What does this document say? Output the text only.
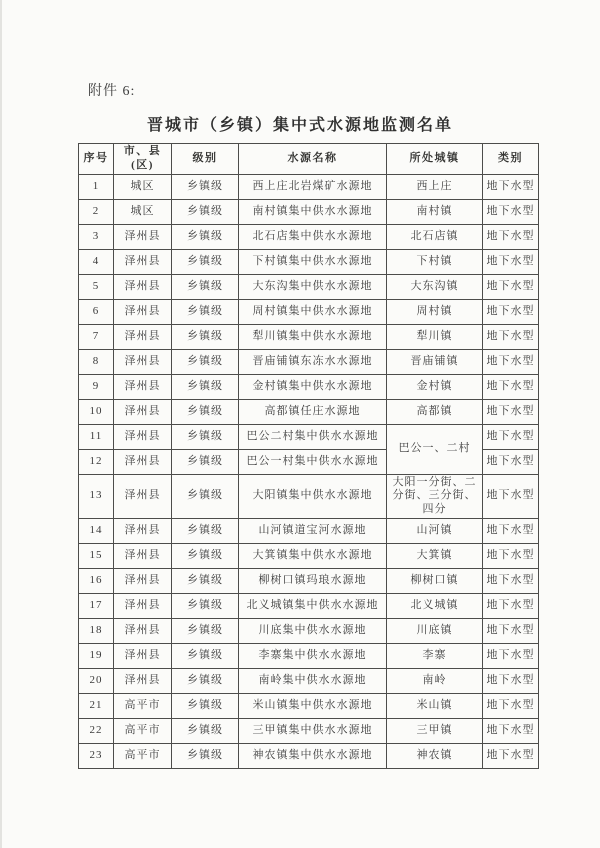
附件 6:
晋城市（乡镇）集中式水源地监测名单
序号	市、县(区)	级别	水源名称	所处城镇	类别
1	城区	乡镇级	西上庄北岩煤矿水源地	西上庄	地下水型
2	城区	乡镇级	南村镇集中供水水源地	南村镇	地下水型
3	泽州县	乡镇级	北石店集中供水水源地	北石店镇	地下水型
4	泽州县	乡镇级	下村镇集中供水水源地	下村镇	地下水型
5	泽州县	乡镇级	大东沟集中供水水源地	大东沟镇	地下水型
6	泽州县	乡镇级	周村镇集中供水水源地	周村镇	地下水型
7	泽州县	乡镇级	犁川镇集中供水水源地	犁川镇	地下水型
8	泽州县	乡镇级	晋庙铺镇东冻水水源地	晋庙铺镇	地下水型
9	泽州县	乡镇级	金村镇集中供水水源地	金村镇	地下水型
10	泽州县	乡镇级	高都镇任庄水源地	高都镇	地下水型
11	泽州县	乡镇级	巴公二村集中供水水源地	巴公一、二村	地下水型
12	泽州县	乡镇级	巴公一村集中供水水源地		地下水型
13	泽州县	乡镇级	大阳镇集中供水水源地	大阳一分街、二分街、三分街、四分	地下水型
14	泽州县	乡镇级	山河镇道宝河水源地	山河镇	地下水型
15	泽州县	乡镇级	大箕镇集中供水水源地	大箕镇	地下水型
16	泽州县	乡镇级	柳树口镇玛琅水源地	柳树口镇	地下水型
17	泽州县	乡镇级	北义城镇集中供水水源地	北义城镇	地下水型
18	泽州县	乡镇级	川底集中供水水源地	川底镇	地下水型
19	泽州县	乡镇级	李寨集中供水水源地	李寨	地下水型
20	泽州县	乡镇级	南岭集中供水水源地	南岭	地下水型
21	高平市	乡镇级	米山镇集中供水水源地	米山镇	地下水型
22	高平市	乡镇级	三甲镇集中供水水源地	三甲镇	地下水型
23	高平市	乡镇级	神农镇集中供水水源地	神农镇	地下水型
